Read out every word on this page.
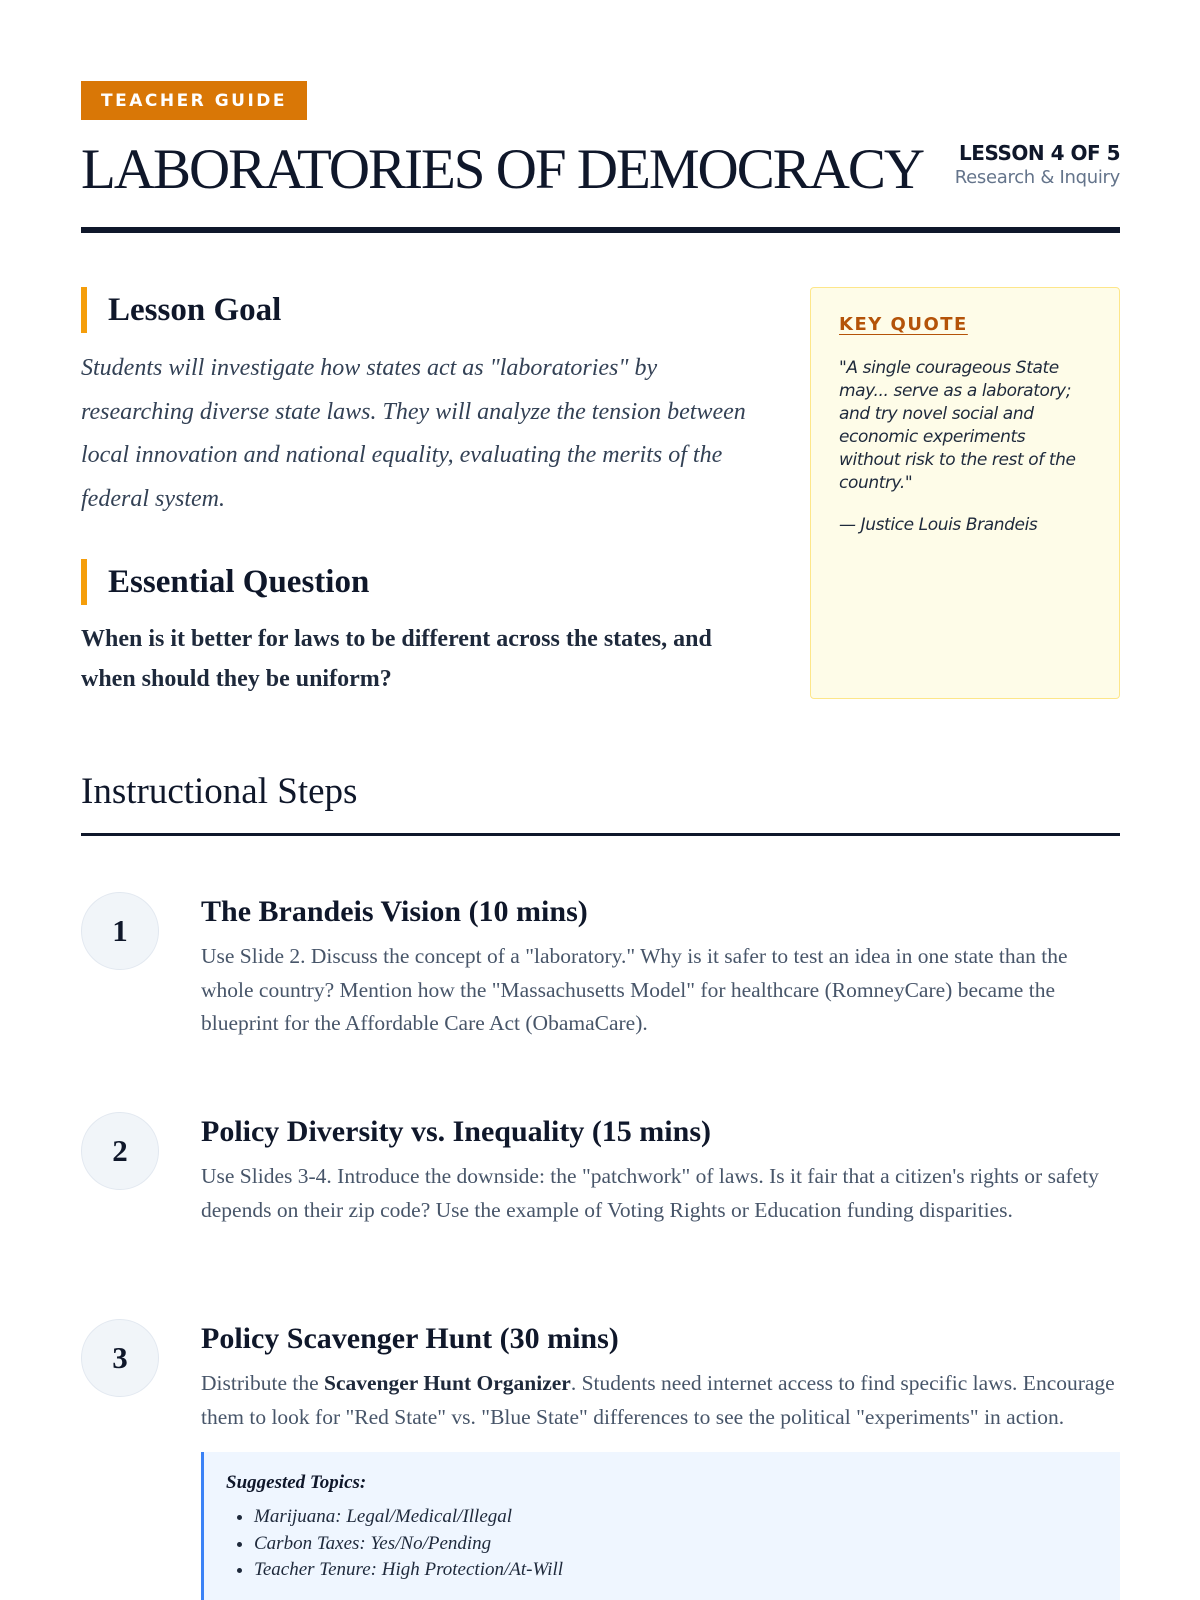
TEACHER GUIDE
LABORATORIES OF DEMOCRACY LESSON 4 OF 5
Research & Inquiry
Lesson Goal

Students will investigate how states act as "laboratories" by researching diverse state laws. They will analyze the tension between local innovation and national equality, evaluating the merits of the federal system.

Essential Question

When is it better for laws to be different across the states, and when should they be uniform?

KEY QUOTE
"A single courageous State may... serve as a laboratory; and try novel social and economic experiments without risk to the rest of the country."
— Justice Louis Brandeis
Instructional Steps
1
The Brandeis Vision (10 mins)

Use Slide 2. Discuss the concept of a "laboratory." Why is it safer to test an idea in one state than the whole country? Mention how the "Massachusetts Model" for healthcare (RomneyCare) became the blueprint for the Affordable Care Act (ObamaCare).

2
Policy Diversity vs. Inequality (15 mins)

Use Slides 3-4. Introduce the downside: the "patchwork" of laws. Is it fair that a citizen's rights or safety depends on their zip code? Use the example of Voting Rights or Education funding disparities.

3
Policy Scavenger Hunt (30 mins)

Distribute the Scavenger Hunt Organizer. Students need internet access to find specific laws. Encourage them to look for "Red State" vs. "Blue State" differences to see the political "experiments" in action.

Suggested Topics:
• Marijuana: Legal/Medical/Illegal
• Carbon Taxes: Yes/No/Pending
• Teacher Tenure: High Protection/At-Will
